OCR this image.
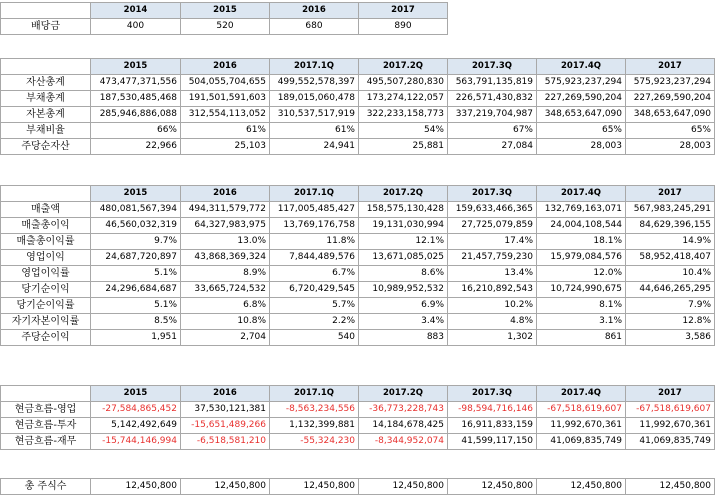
	2014	2015	2016	2017
배당금	400	520	680	890
	2015	2016	2017.1Q	2017.2Q	2017.3Q	2017.4Q	2017
자산총계	473,477,371,556	504,055,704,655	499,552,578,397	495,507,280,830	563,791,135,819	575,923,237,294	575,923,237,294
부채총계	187,530,485,468	191,501,591,603	189,015,060,478	173,274,122,057	226,571,430,832	227,269,590,204	227,269,590,204
자본총계	285,946,886,088	312,554,113,052	310,537,517,919	322,233,158,773	337,219,704,987	348,653,647,090	348,653,647,090
부채비율	66%	61%	61%	54%	67%	65%	65%
주당순자산	22,966	25,103	24,941	25,881	27,084	28,003	28,003
	2015	2016	2017.1Q	2017.2Q	2017.3Q	2017.4Q	2017
매출액	480,081,567,394	494,311,579,772	117,005,485,427	158,575,130,428	159,633,466,365	132,769,163,071	567,983,245,291
매출총이익	46,560,032,319	64,327,983,975	13,769,176,758	19,131,030,994	27,725,079,859	24,004,108,544	84,629,396,155
매출총이익률	9.7%	13.0%	11.8%	12.1%	17.4%	18.1%	14.9%
영업이익	24,687,720,897	43,868,369,324	7,844,489,576	13,671,085,025	21,457,759,230	15,979,084,576	58,952,418,407
영업이익률	5.1%	8.9%	6.7%	8.6%	13.4%	12.0%	10.4%
당기순이익	24,296,684,687	33,665,724,532	6,720,429,545	10,989,952,532	16,210,892,543	10,724,990,675	44,646,265,295
당기순이익률	5.1%	6.8%	5.7%	6.9%	10.2%	8.1%	7.9%
자기자본이익률	8.5%	10.8%	2.2%	3.4%	4.8%	3.1%	12.8%
주당순이익	1,951	2,704	540	883	1,302	861	3,586
	2015	2016	2017.1Q	2017.2Q	2017.3Q	2017.4Q	2017
현금흐름-영업	-27,584,865,452	37,530,121,381	-8,563,234,556	-36,773,228,743	-98,594,716,146	-67,518,619,607	-67,518,619,607
현금흐름-투자	5,142,492,649	-15,651,489,266	1,132,399,881	14,184,678,425	16,911,833,159	11,992,670,361	11,992,670,361
현금흐름-재무	-15,744,146,994	-6,518,581,210	-55,324,230	-8,344,952,074	41,599,117,150	41,069,835,749	41,069,835,749
총 주식수	12,450,800	12,450,800	12,450,800	12,450,800	12,450,800	12,450,800	12,450,800
